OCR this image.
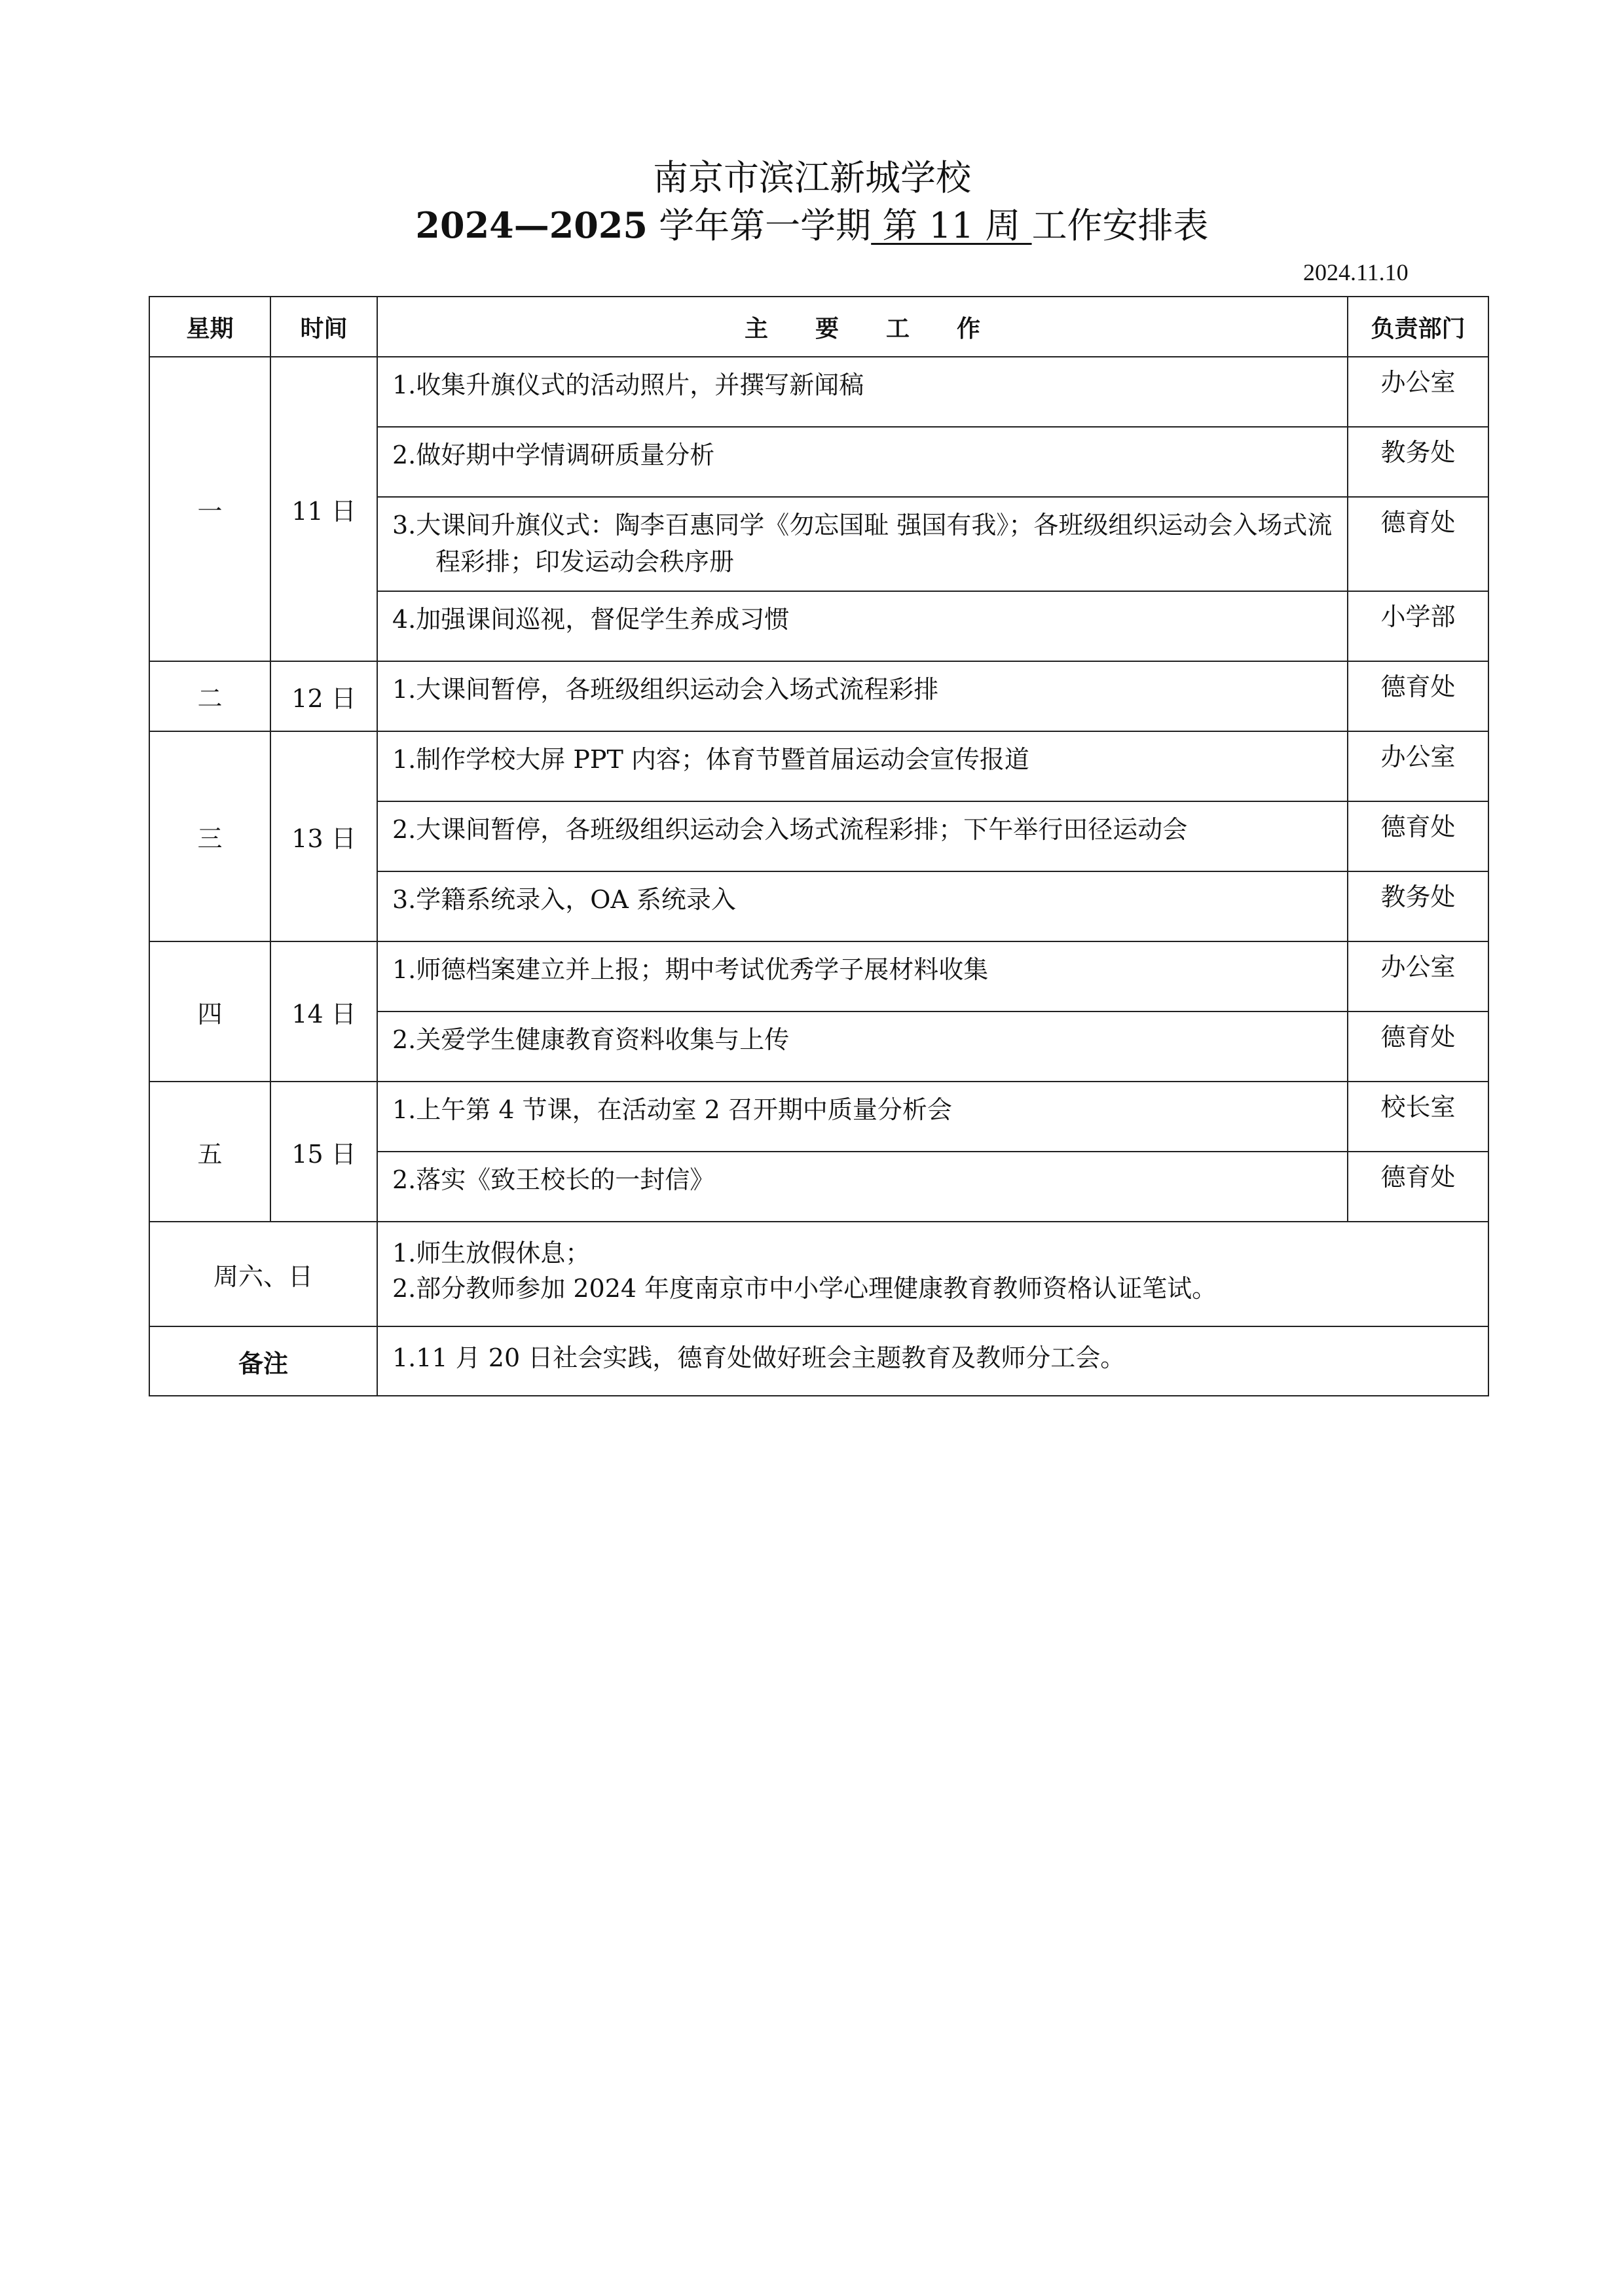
南京市滨江新城学校
2024—2025 学年第一学期 第 11 周 工作安排表
2024.11.10
星期	时间	主　　要　　工　　作	负责部门
一	11 日	1.收集升旗仪式的活动照片，并撰写新闻稿	办公室
		2.做好期中学情调研质量分析	教务处
		3.大课间升旗仪式：陶李百惠同学《勿忘国耻 强国有我》；各班级组织运动会入场式流程彩排；印发运动会秩序册	德育处
		4.加强课间巡视，督促学生养成习惯	小学部
二	12 日	1.大课间暂停，各班级组织运动会入场式流程彩排	德育处
三	13 日	1.制作学校大屏 PPT 内容；体育节暨首届运动会宣传报道	办公室
		2.大课间暂停，各班级组织运动会入场式流程彩排；下午举行田径运动会	德育处
		3.学籍系统录入，OA 系统录入	教务处
四	14 日	1.师德档案建立并上报；期中考试优秀学子展材料收集	办公室
		2.关爱学生健康教育资料收集与上传	德育处
五	15 日	1.上午第 4 节课，在活动室 2 召开期中质量分析会	校长室
		2.落实《致王校长的一封信》	德育处
周六、日		1.师生放假休息；
2.部分教师参加 2024 年度南京市中小学心理健康教育教师资格认证笔试。	

备注		1.11 月 20 日社会实践，德育处做好班会主题教育及教师分工会。	
